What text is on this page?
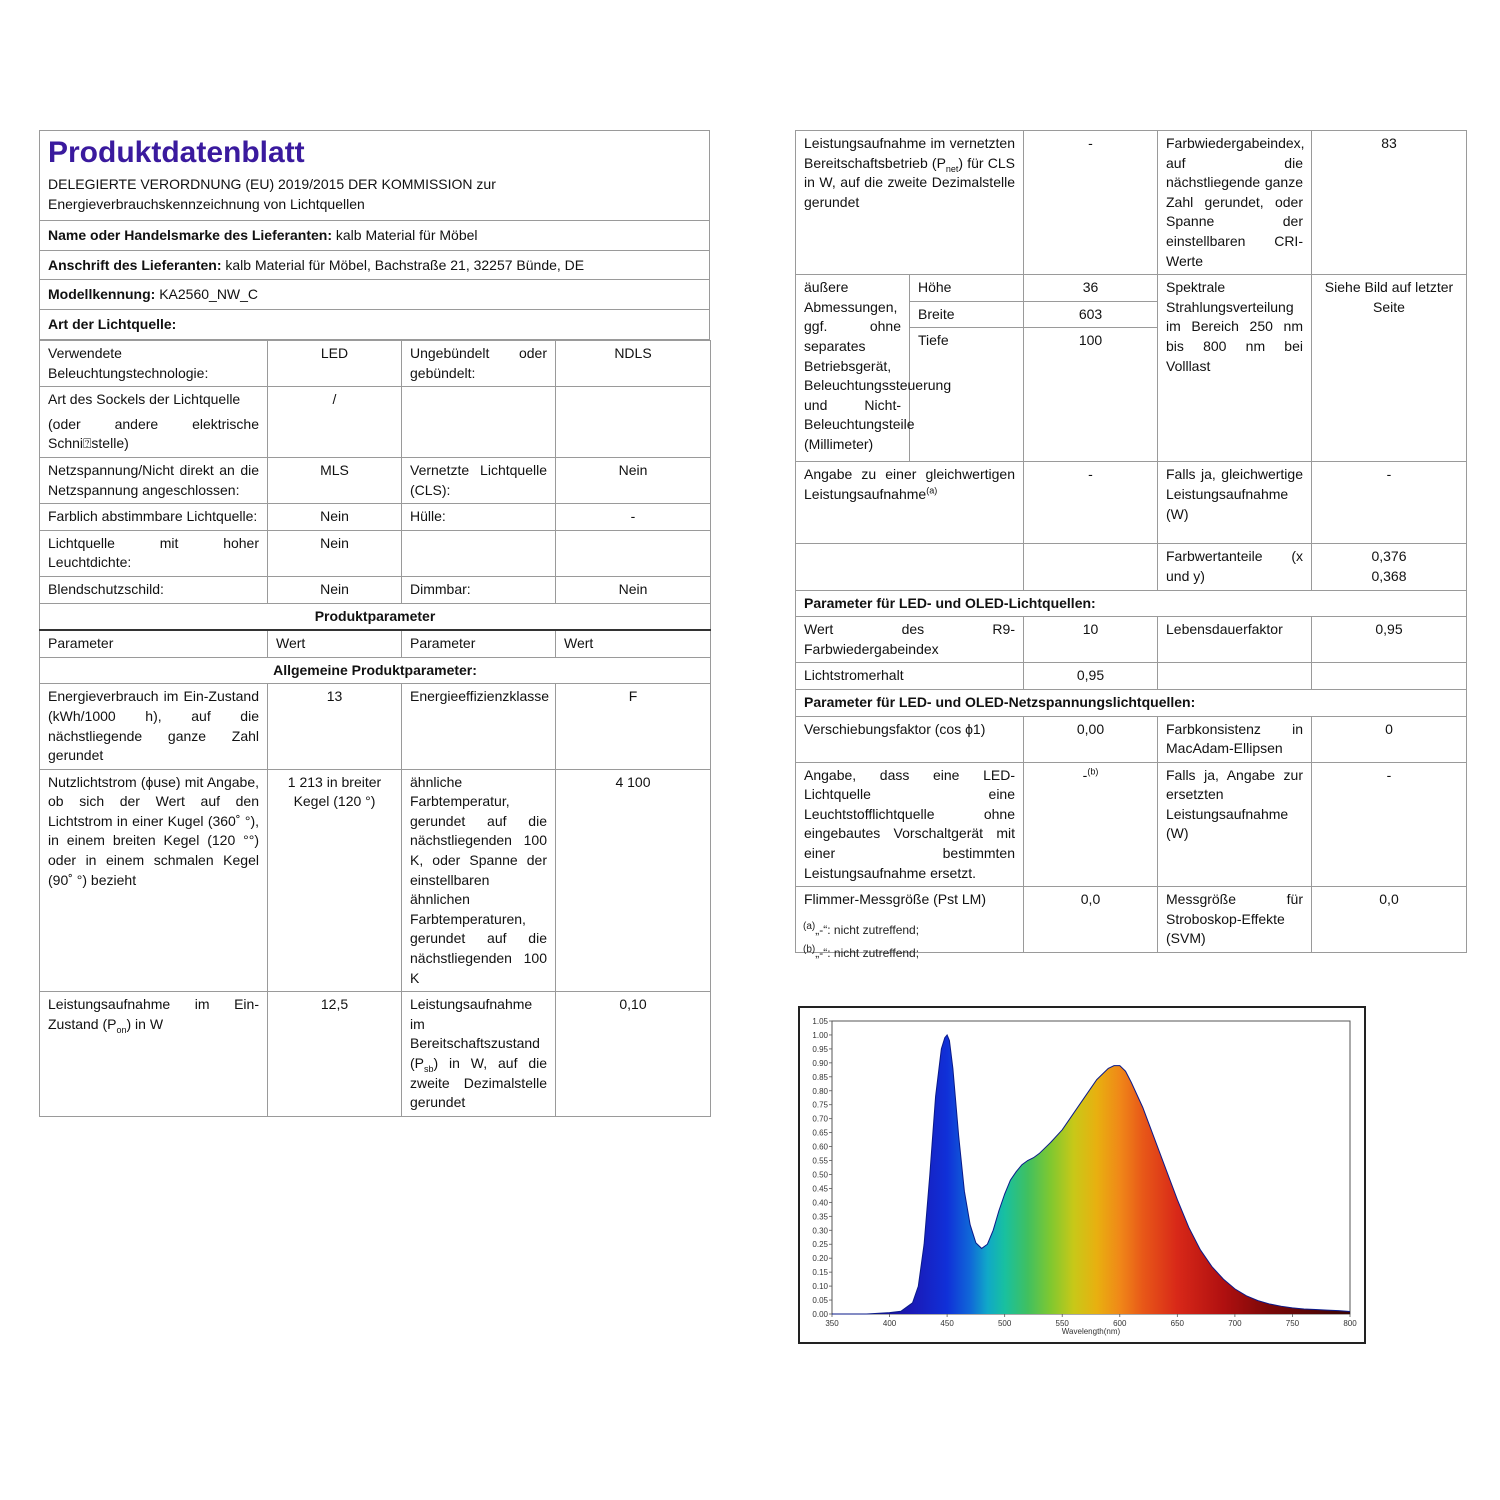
Produktdatenblatt
DELEGIERTE VERORDNUNG (EU) 2019/2015 DER KOMMISSION zur
Energieverbrauchskennzeichnung von Lichtquellen
Name oder Handelsmarke des Lieferanten: kalb Material für Möbel
Anschrift des Lieferanten: kalb Material für Möbel, Bachstraße 21, 32257 Bünde, DE
Modellkennung: KA2560_NW_C
Art der Lichtquelle:
Verwendete Beleuchtungstechnologie:	LED	Ungebündelt oder gebündelt:	NDLS

Art des Sockels der Lichtquelle
(oder andere elektrische Schni⍰stelle)	/		
Netzspannung/Nicht direkt an die Netzspannung angeschlossen:	MLS	Vernetzte Lichtquelle (CLS):	Nein
Farblich abstimmbare Lichtquelle:	Nein	Hülle:	-
Lichtquelle mit hoher Leuchtdichte:	Nein		
Blendschutzschild:	Nein	Dimmbar:	Nein
Produktparameter			
Parameter	Wert	Parameter	Wert
Allgemeine Produktparameter:			
Energieverbrauch im Ein-Zustand (kWh/1000 h), auf die nächstliegende ganze Zahl gerundet	13	Energieeffizienzklasse	F
Nutzlichtstrom (ϕuse) mit Angabe, ob sich der Wert auf den Lichtstrom in einer Kugel (360˚ °), in einem breiten Kegel (120 °°) oder in einem schmalen Kegel (90˚ °) bezieht	1 213 in breiter Kegel (120 °)	ähnliche Farbtemperatur, gerundet auf die nächstliegenden 100 K, oder Spanne der einstellbaren ähnlichen Farbtemperaturen, gerundet auf die nächstliegenden 100 K	4 100
Leistungsaufnahme im Ein-Zustand $(P_{on})$ in W	12,5	Leistungsaufnahme im Bereitschaftszustand $(P_{sb})$ in W, auf die zweite Dezimalstelle gerundet	0,10
Leistungsaufnahme im vernetzten Bereitschaftsbetrieb $(P_{net})$ für CLS in W, auf die zweite Dezimalstelle gerundet		-	Farbwiedergabeindex, auf die nächstliegende ganze Zahl gerundet, oder Spanne der einstellbaren CRI-Werte	83
äußere Abmessungen, ggf. ohne separates Betriebsgerät, Beleuchtungssteuerung und Nicht-Beleuchtungsteile (Millimeter)	Höhe	36	Spektrale Strahlungsverteilung im Bereich 250 nm bis 800 nm bei Volllast	Siehe Bild auf letzter Seite
	Breite	603		
	Tiefe	100		
Angabe zu einer gleichwertigen Leistungsaufnahme$^{(a)}$		-	Falls ja, gleichwertige Leistungsaufnahme (W)	-
			Farbwertanteile (x und y)	0,376
0,368

Parameter für LED- und OLED-Lichtquellen:				
Wert des R9-Farbwiedergabeindex		10	Lebensdauerfaktor	0,95
Lichtstromerhalt		0,95		
Parameter für LED- und OLED-Netzspannungslichtquellen:				
Verschiebungsfaktor (cos ϕ1)		0,00	Farbkonsistenz in MacAdam-Ellipsen	0
Angabe, dass eine LED-Lichtquelle eine Leuchtstofflichtquelle ohne eingebautes Vorschaltgerät mit einer bestimmten Leistungsaufnahme ersetzt.		-$^{(b)}$	Falls ja, Angabe zur ersetzten Leistungsaufnahme (W)	-
Flimmer-Messgröße (Pst LM)		0,0	Messgröße für Stroboskop-Effekte (SVM)	0,0
$^{(a)}$„-“: nicht zutreffend;
$^{(b)}$„-“: nicht zutreffend;
1.05
1.00
0.95
0.90
0.85
0.80
0.75
0.70
0.65
0.60
0.55
0.50
0.45
0.40
0.35
0.30
0.25
0.20
0.15
0.10
0.05
0.00
350	400	450	500	550	600	650	700	750	800
Wavelength(nm)
